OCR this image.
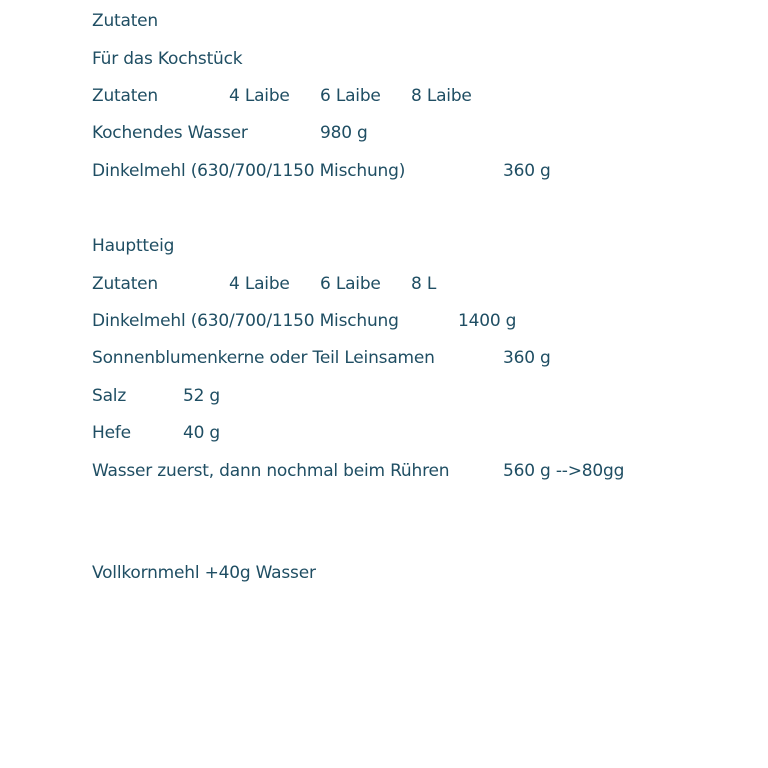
Zutaten
Für das Kochstück
Zutaten	4 Laibe 6 Laibe 8 Laibe
Kochendes Wasser	980 g
Dinkelmehl (630/700/1150 Mischung)	360 g
Hauptteig
Zutaten	4 Laibe 6 Laibe 8 L
Dinkelmehl (630/700/1150 Mischung	1400 g
Sonnenblumenkerne oder Teil Leinsamen	360 g
Salz	52 g
Hefe	40 g
Wasser zuerst, dann nochmal beim Rühren	560 g -->80gg
Vollkornmehl +40g Wasser
